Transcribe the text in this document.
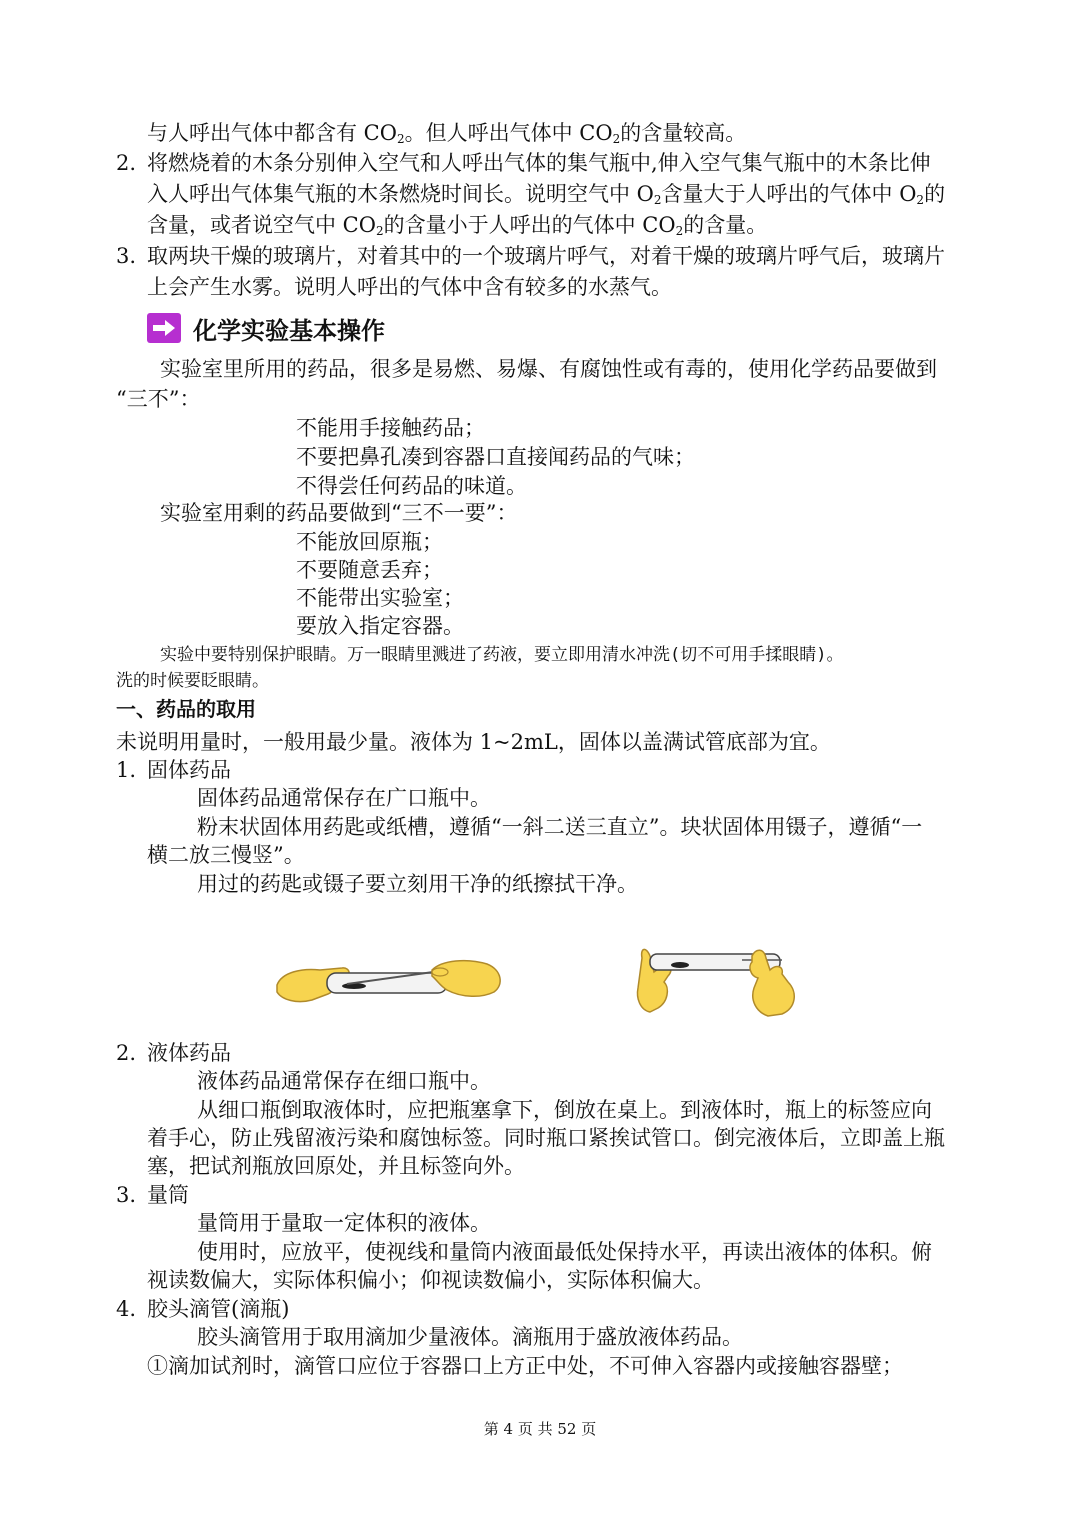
与人呼出气体中都含有 $CO_2$。但人呼出气体中 $CO_2$的含量较高。
2. 将燃烧着的木条分别伸入空气和人呼出气体的集气瓶中,伸入空气集气瓶中的木条比伸
入人呼出气体集气瓶的木条燃烧时间长。说明空气中 $O_2$含量大于人呼出的气体中 $O_2$的
含量，或者说空气中 $CO_2$的含量小于人呼出的气体中 $CO_2$的含量。
3. 取两块干燥的玻璃片，对着其中的一个玻璃片呼气，对着干燥的玻璃片呼气后，玻璃片
上会产生水雾。说明人呼出的气体中含有较多的水蒸气。
化学实验基本操作
实验室里所用的药品，很多是易燃、易爆、有腐蚀性或有毒的，使用化学药品要做到
“三不”：
不能用手接触药品；
不要把鼻孔凑到容器口直接闻药品的气味；
不得尝任何药品的味道。
实验室用剩的药品要做到“三不一要”：
不能放回原瓶；
不要随意丢弃；
不能带出实验室；
要放入指定容器。
实验中要特别保护眼睛。万一眼睛里溅进了药液，要立即用清水冲洗(切不可用手揉眼睛)。
洗的时候要眨眼睛。
一、药品的取用
未说明用量时，一般用最少量。液体为 1~2mL，固体以盖满试管底部为宜。
1. 固体药品
固体药品通常保存在广口瓶中。
粉末状固体用药匙或纸槽，遵循“一斜二送三直立”。块状固体用镊子，遵循“一
横二放三慢竖”。
用过的药匙或镊子要立刻用干净的纸擦拭干净。
2. 液体药品
液体药品通常保存在细口瓶中。
从细口瓶倒取液体时，应把瓶塞拿下，倒放在桌上。到液体时，瓶上的标签应向
着手心，防止残留液污染和腐蚀标签。同时瓶口紧挨试管口。倒完液体后，立即盖上瓶
塞，把试剂瓶放回原处，并且标签向外。
3. 量筒
量筒用于量取一定体积的液体。
使用时，应放平，使视线和量筒内液面最低处保持水平，再读出液体的体积。俯
视读数偏大，实际体积偏小；仰视读数偏小，实际体积偏大。
4. 胶头滴管(滴瓶)
胶头滴管用于取用滴加少量液体。滴瓶用于盛放液体药品。
①滴加试剂时，滴管口应位于容器口上方正中处，不可伸入容器内或接触容器壁；
第 4 页 共 52 页
